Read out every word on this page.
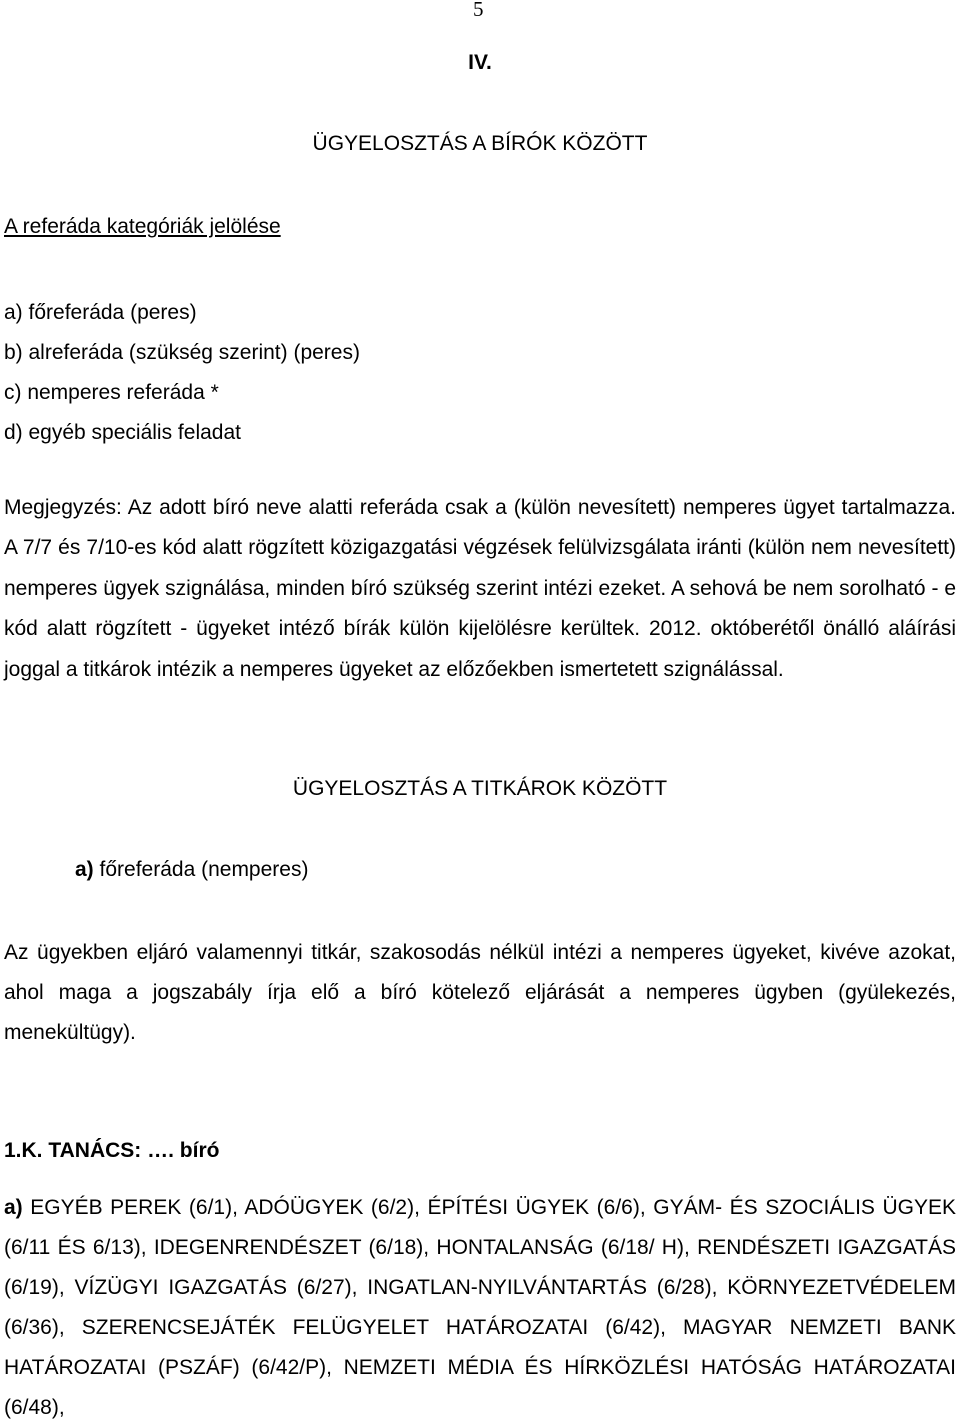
5
IV.
ÜGYELOSZTÁS A BÍRÓK KÖZÖTT
A referáda kategóriák jelölése
a) főreferáda (peres)
b) alreferáda (szükség szerint) (peres)
c) nemperes referáda *
d) egyéb speciális feladat

Megjegyzés: Az adott bíró neve alatti referáda csak a (külön nevesített) nemperes ügyet tartalmazza. A 7/7 és 7/10-es kód alatt rögzített közigazgatási végzések felülvizsgálata iránti (külön nem nevesített) nemperes ügyek szignálása, minden bíró szükség szerint intézi ezeket. A sehová be nem sorolható - e kód alatt rögzített - ügyeket intéző bírák külön kijelölésre kerültek. 2012. októberétől önálló aláírási joggal a titkárok intézik a nemperes ügyeket az előzőekben ismertetett szignálással.

ÜGYELOSZTÁS A TITKÁROK KÖZÖTT
a) főreferáda (nemperes)

Az ügyekben eljáró valamennyi titkár, szakosodás nélkül intézi a nemperes ügyeket, kivéve azokat, ahol maga a jogszabály írja elő a bíró kötelező eljárását a nemperes ügyben (gyülekezés, menekültügy).

1.K. TANÁCS: …. bíró

a) EGYÉB PEREK (6/1), ADÓÜGYEK (6/2), ÉPÍTÉSI ÜGYEK (6/6), GYÁM- ÉS SZOCIÁLIS ÜGYEK (6/11 ÉS 6/13), IDEGENRENDÉSZET (6/18), HONTALANSÁG (6/18/ H), RENDÉSZETI IGAZGATÁS (6/19), VÍZÜGYI IGAZGATÁS (6/27), INGATLAN-NYILVÁNTARTÁS (6/28), KÖRNYEZETVÉDELEM (6/36), SZERENCSEJÁTÉK FELÜGYELET HATÁROZATAI (6/42), MAGYAR NEMZETI BANK HATÁROZATAI (PSZÁF) (6/42/P), NEMZETI MÉDIA ÉS HÍRKÖZLÉSI HATÓSÁG HATÁROZATAI (6/48),
